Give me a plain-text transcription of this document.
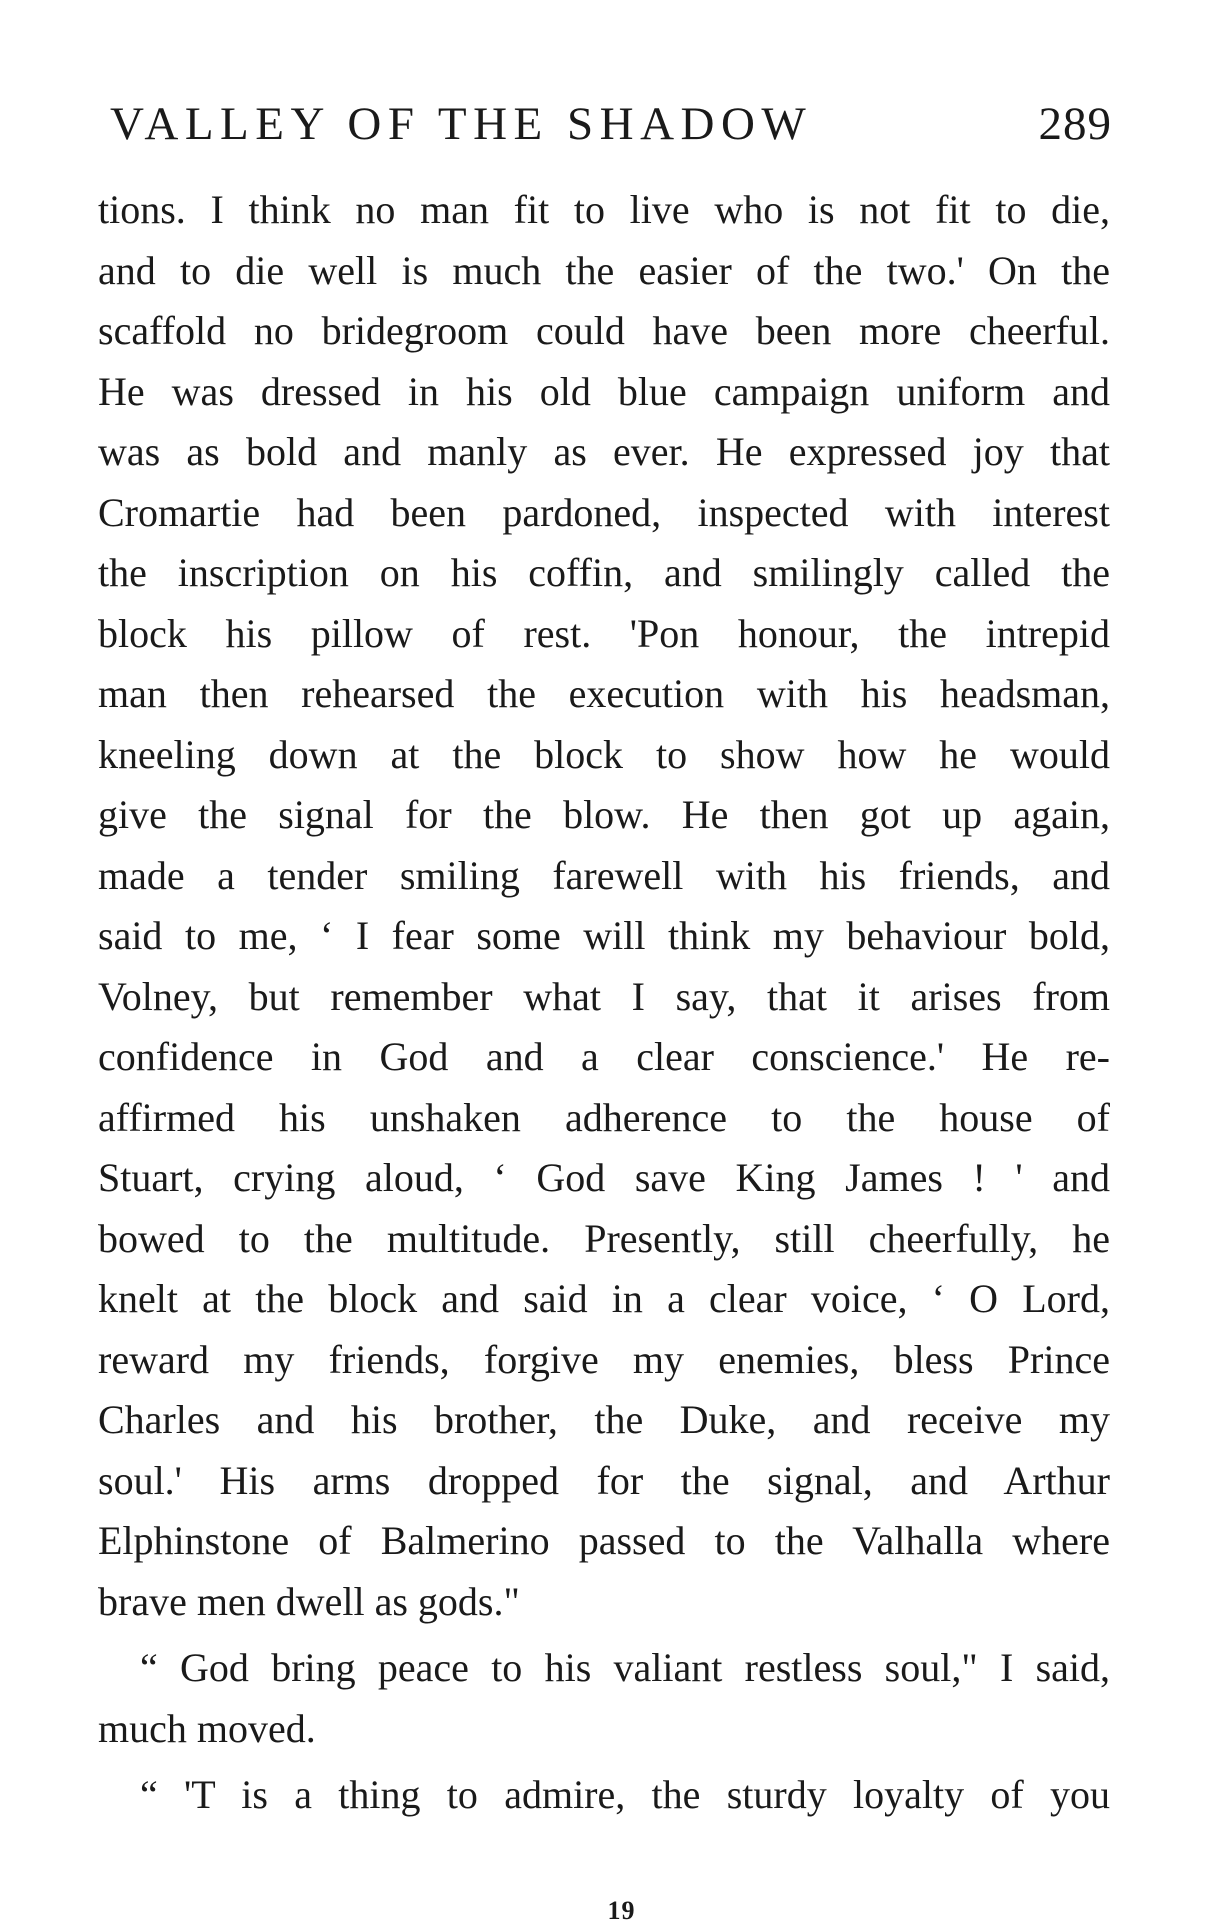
VALLEY OF THE SHADOW	289
tions. I think no man fit to live who is not fit to die,
and to die well is much the easier of the two.' On the
scaffold no bridegroom could have been more cheerful.
He was dressed in his old blue campaign uniform and
was as bold and manly as ever. He expressed joy that
Cromartie had been pardoned, inspected with interest
the inscription on his coffin, and smilingly called the
block his pillow of rest. 'Pon honour, the intrepid
man then rehearsed the execution with his headsman,
kneeling down at the block to show how he would
give the signal for the blow. He then got up again,
made a tender smiling farewell with his friends, and
said to me, ‘ I fear some will think my behaviour bold,
Volney, but remember what I say, that it arises from
confidence in God and a clear conscience.' He re-
affirmed his unshaken adherence to the house of
Stuart, crying aloud, ‘ God save King James ! ' and
bowed to the multitude. Presently, still cheerfully, he
knelt at the block and said in a clear voice, ‘ O Lord,
reward my friends, forgive my enemies, bless Prince
Charles and his brother, the Duke, and receive my
soul.' His arms dropped for the signal, and Arthur
Elphinstone of Balmerino passed to the Valhalla where
brave men dwell as gods."
“ God bring peace to his valiant restless soul," I said,
much moved.
“ 'T is a thing to admire, the sturdy loyalty of you
19
